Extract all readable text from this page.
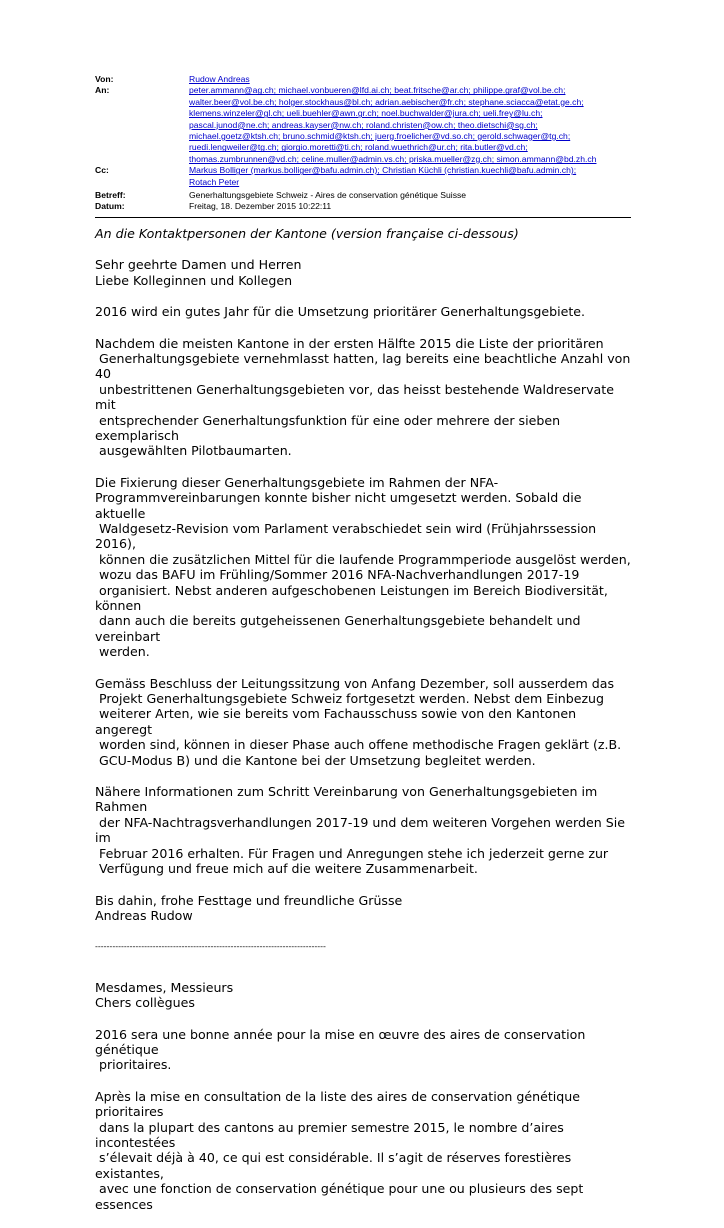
Von:	Rudow Andreas
An:	peter.ammann@ag.ch; michael.vonbueren@lfd.ai.ch; beat.fritsche@ar.ch; philippe.graf@vol.be.ch;
walter.beer@vol.be.ch; holger.stockhaus@bl.ch; adrian.aebischer@fr.ch; stephane.sciacca@etat.ge.ch;
klemens.winzeler@gl.ch; ueli.buehler@awn.gr.ch; noel.buchwalder@jura.ch; ueli.frey@lu.ch;
pascal.junod@ne.ch; andreas.kayser@nw.ch; roland.christen@ow.ch; theo.dietschi@sg.ch;
michael.goetz@ktsh.ch; bruno.schmid@ktsh.ch; juerg.froelicher@vd.so.ch; gerold.schwager@tg.ch;
ruedi.lengweiler@tg.ch; giorgio.moretti@ti.ch; roland.wuethrich@ur.ch; rita.butler@vd.ch;
thomas.zumbrunnen@vd.ch; celine.muller@admin.vs.ch; priska.mueller@zg.ch; simon.ammann@bd.zh.ch
Cc:	Markus Bolliger (markus.bolliger@bafu.admin.ch); Christian Küchli (christian.kuechli@bafu.admin.ch);
Rotach Peter
Betreff:	Generhaltungsgebiete Schweiz - Aires de conservation génétique Suisse
Datum:	Freitag, 18. Dezember 2015 10:22:11

An die Kontaktpersonen der Kantone (version française ci-dessous)

Sehr geehrte Damen und Herren
Liebe Kolleginnen und Kollegen

2016 wird ein gutes Jahr für die Umsetzung prioritärer Generhaltungsgebiete.

Nachdem die meisten Kantone in der ersten Hälfte 2015 die Liste der prioritären
Generhaltungsgebiete vernehmlasst hatten, lag bereits eine beachtliche Anzahl von 40
unbestrittenen Generhaltungsgebieten vor, das heisst bestehende Waldreservate mit
entsprechender Generhaltungsfunktion für eine oder mehrere der sieben exemplarisch
ausgewählten Pilotbaumarten.

Die Fixierung dieser Generhaltungsgebiete im Rahmen der NFA-
Programmvereinbarungen konnte bisher nicht umgesetzt werden. Sobald die aktuelle
Waldgesetz-Revision vom Parlament verabschiedet sein wird (Frühjahrssession 2016),
können die zusätzlichen Mittel für die laufende Programmperiode ausgelöst werden,
wozu das BAFU im Frühling/Sommer 2016 NFA-Nachverhandlungen 2017-19
organisiert. Nebst anderen aufgeschobenen Leistungen im Bereich Biodiversität, können
dann auch die bereits gutgeheissenen Generhaltungsgebiete behandelt und vereinbart
werden.

Gemäss Beschluss der Leitungssitzung von Anfang Dezember, soll ausserdem das
Projekt Generhaltungsgebiete Schweiz fortgesetzt werden. Nebst dem Einbezug
weiterer Arten, wie sie bereits vom Fachausschuss sowie von den Kantonen angeregt
worden sind, können in dieser Phase auch offene methodische Fragen geklärt (z.B.
GCU-Modus B) und die Kantone bei der Umsetzung begleitet werden.

Nähere Informationen zum Schritt Vereinbarung von Generhaltungsgebieten im Rahmen
der NFA-Nachtragsverhandlungen 2017-19 und dem weiteren Vorgehen werden Sie im
Februar 2016 erhalten. Für Fragen und Anregungen stehe ich jederzeit gerne zur
Verfügung und freue mich auf die weitere Zusammenarbeit.

Bis dahin, frohe Festtage und freundliche Grüsse
Andreas Rudow

--------------------------------------------------------------------------------

Mesdames, Messieurs
Chers collègues

2016 sera une bonne année pour la mise en œuvre des aires de conservation génétique
prioritaires.

Après la mise en consultation de la liste des aires de conservation génétique prioritaires
dans la plupart des cantons au premier semestre 2015, le nombre d’aires incontestées
s’élevait déjà à 40, ce qui est considérable. Il s’agit de réserves forestières existantes,
avec une fonction de conservation génétique pour une ou plusieurs des sept essences
